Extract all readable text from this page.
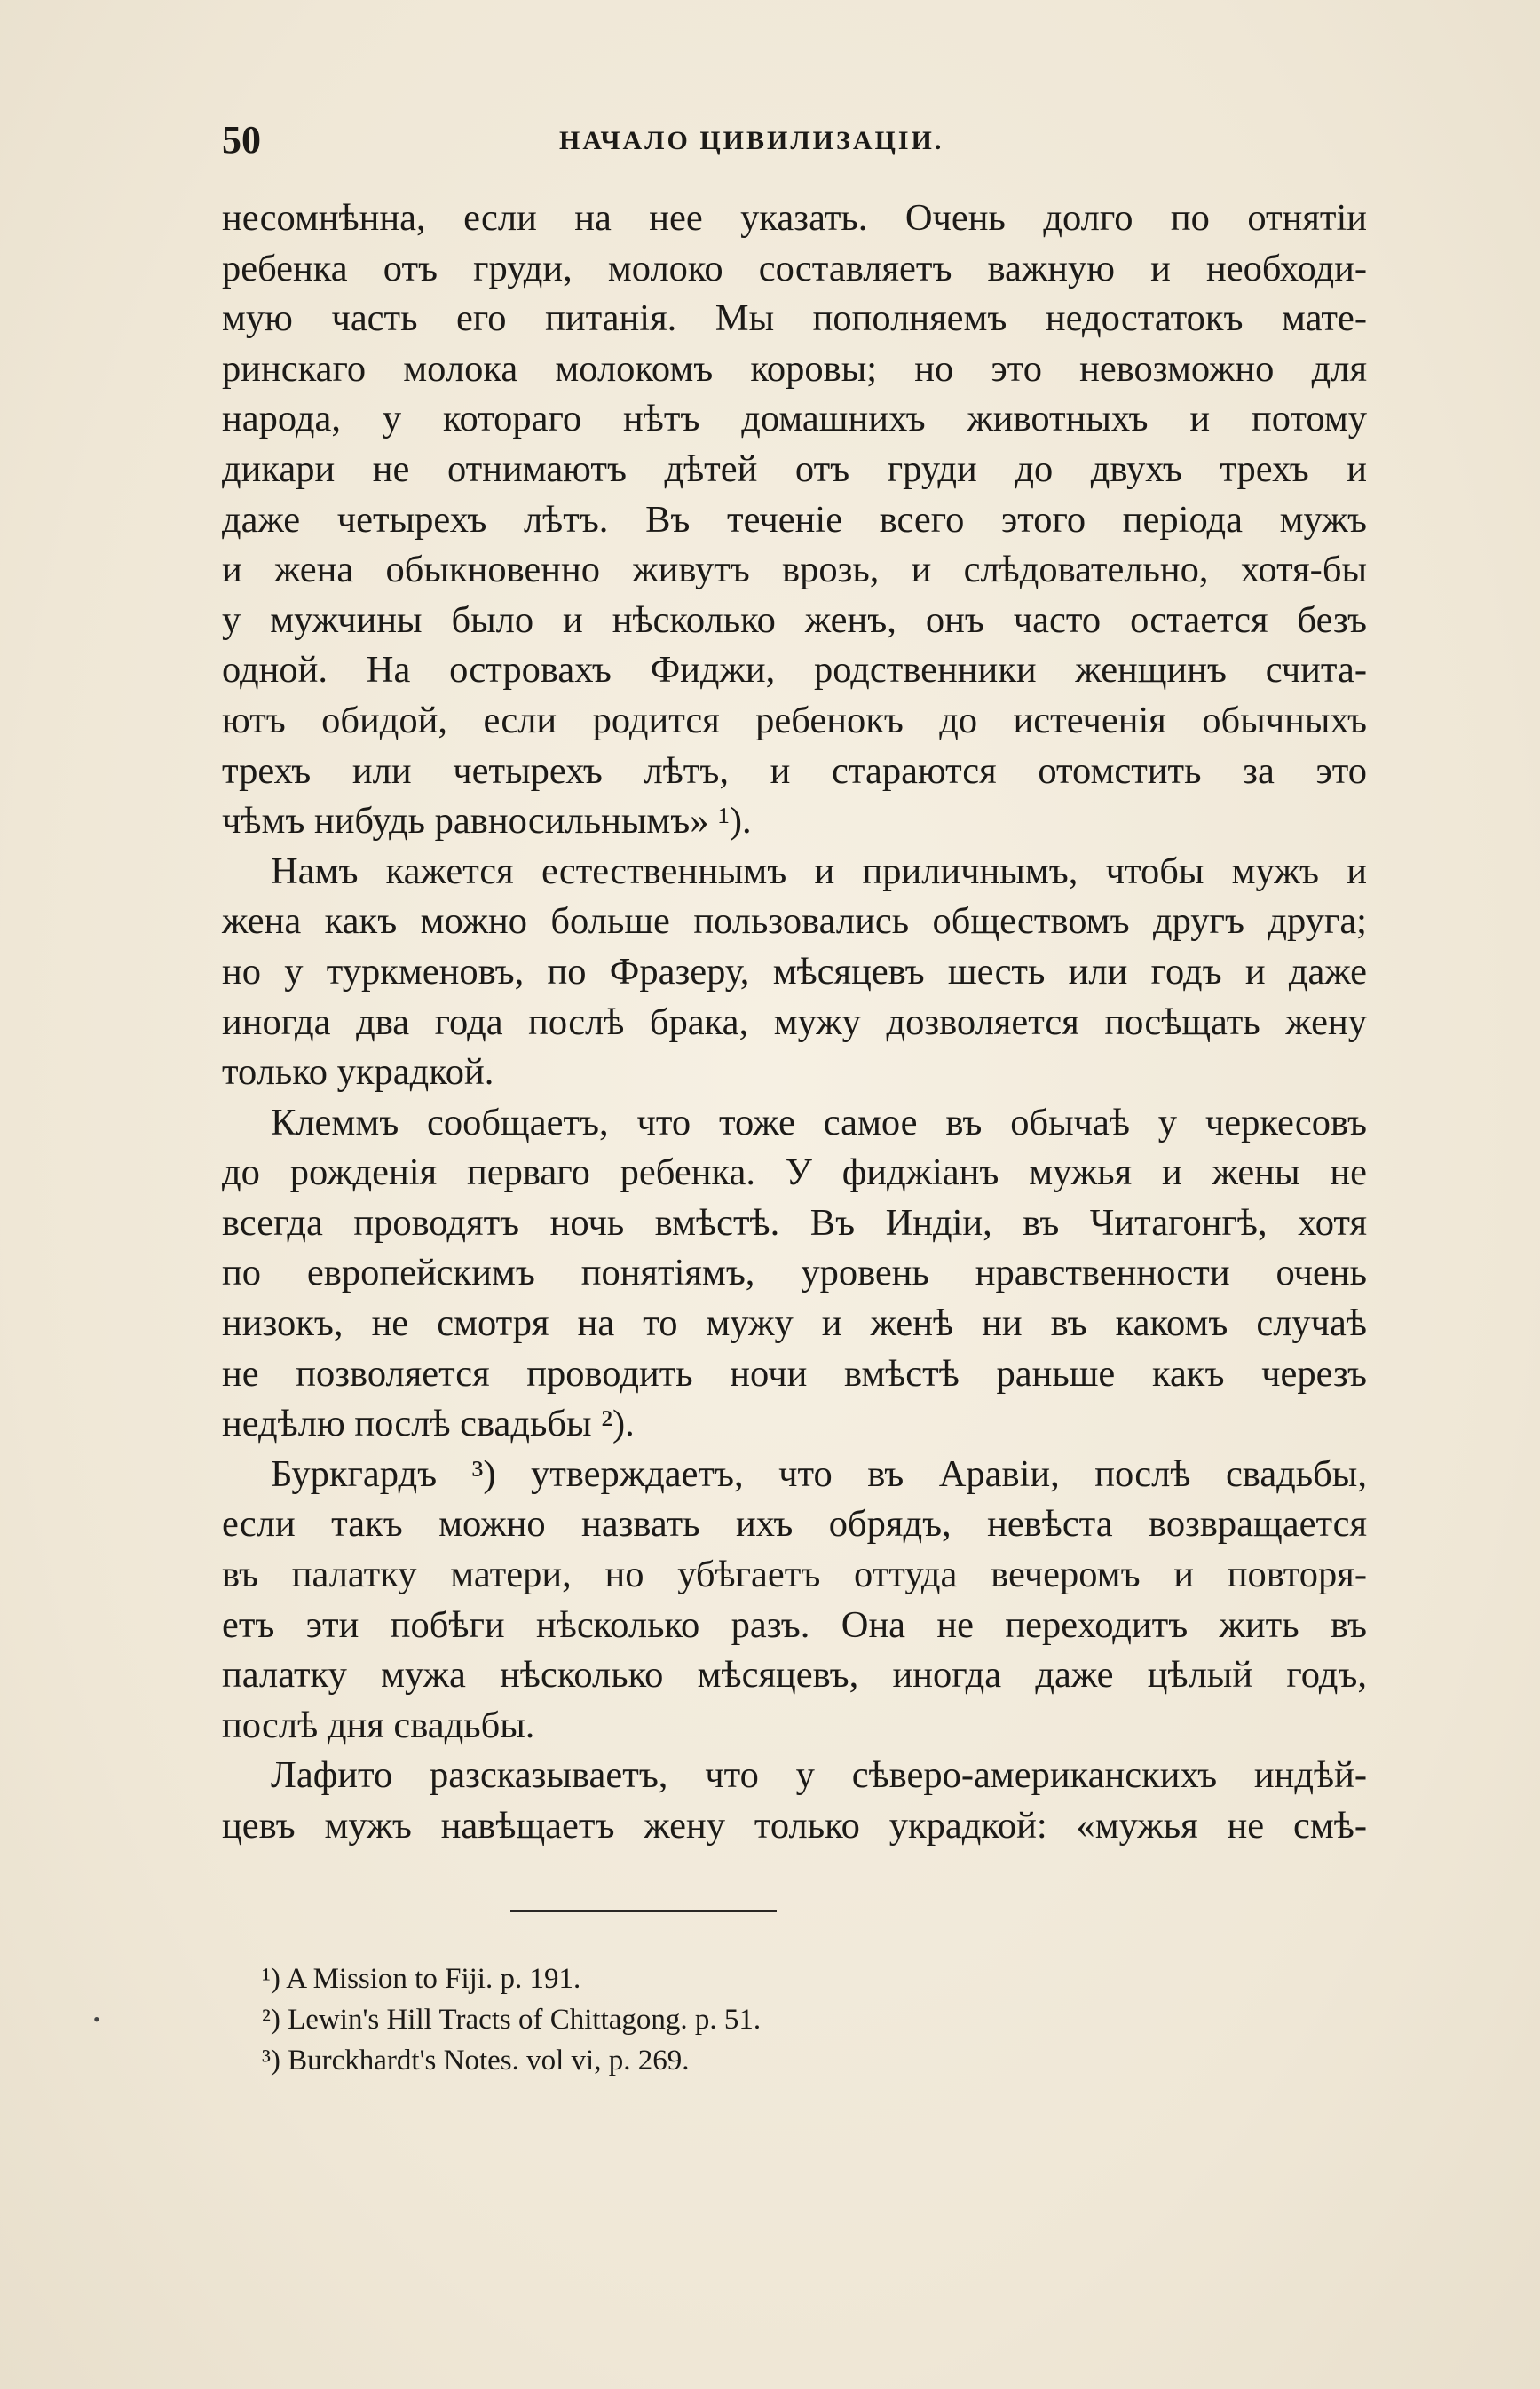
50	НАЧАЛО ЦИВИЛИЗАЦІИ.
несомнѣнна, если на нее указать. Очень долго по отнятіи
ребенка отъ груди, молоко составляетъ важную и необходи-
мую часть его питанія. Мы пополняемъ недостатокъ мате-
ринскаго молока молокомъ коровы; но это невозможно для
народа, у котораго нѣтъ домашнихъ животныхъ и потому
дикари не отнимаютъ дѣтей отъ груди до двухъ трехъ и
даже четырехъ лѣтъ. Въ теченіе всего этого періода мужъ
и жена обыкновенно живутъ врозь, и слѣдовательно, хотя-бы
у мужчины было и нѣсколько женъ, онъ часто остается безъ
одной. На островахъ Фиджи, родственники женщинъ счита-
ютъ обидой, если родится ребенокъ до истеченія обычныхъ
трехъ или четырехъ лѣтъ, и стараются отомстить за это
чѣмъ нибудь равносильнымъ» ¹).
Намъ кажется естественнымъ и приличнымъ, чтобы мужъ и
жена какъ можно больше пользовались обществомъ другъ друга;
но у туркменовъ, по Фразеру, мѣсяцевъ шесть или годъ и даже
иногда два года послѣ брака, мужу дозволяется посѣщать жену
только украдкой.
Клеммъ сообщаетъ, что тоже самое въ обычаѣ у черкесовъ
до рожденія перваго ребенка. У фиджіанъ мужья и жены не
всегда проводятъ ночь вмѣстѣ. Въ Индіи, въ Читагонгѣ, хотя
по европейскимъ понятіямъ, уровень нравственности очень
низокъ, не смотря на то мужу и женѣ ни въ какомъ случаѣ
не позволяется проводить ночи вмѣстѣ раньше какъ черезъ
недѣлю послѣ свадьбы ²).
Буркгардъ ³) утверждаетъ, что въ Аравіи, послѣ свадьбы,
если такъ можно назвать ихъ обрядъ, невѣста возвращается
въ палатку матери, но убѣгаетъ оттуда вечеромъ и повторя-
етъ эти побѣги нѣсколько разъ. Она не переходитъ жить въ
палатку мужа нѣсколько мѣсяцевъ, иногда даже цѣлый годъ,
послѣ дня свадьбы.
Лафито разсказываетъ, что у сѣверо-американскихъ индѣй-
цевъ мужъ навѣщаетъ жену только украдкой: «мужья не смѣ-
¹) A Mission to Fiji. p. 191.
²) Lewin's Hill Tracts of Chittagong. p. 51.
³) Burckhardt's Notes. vol vi, p. 269.
•
